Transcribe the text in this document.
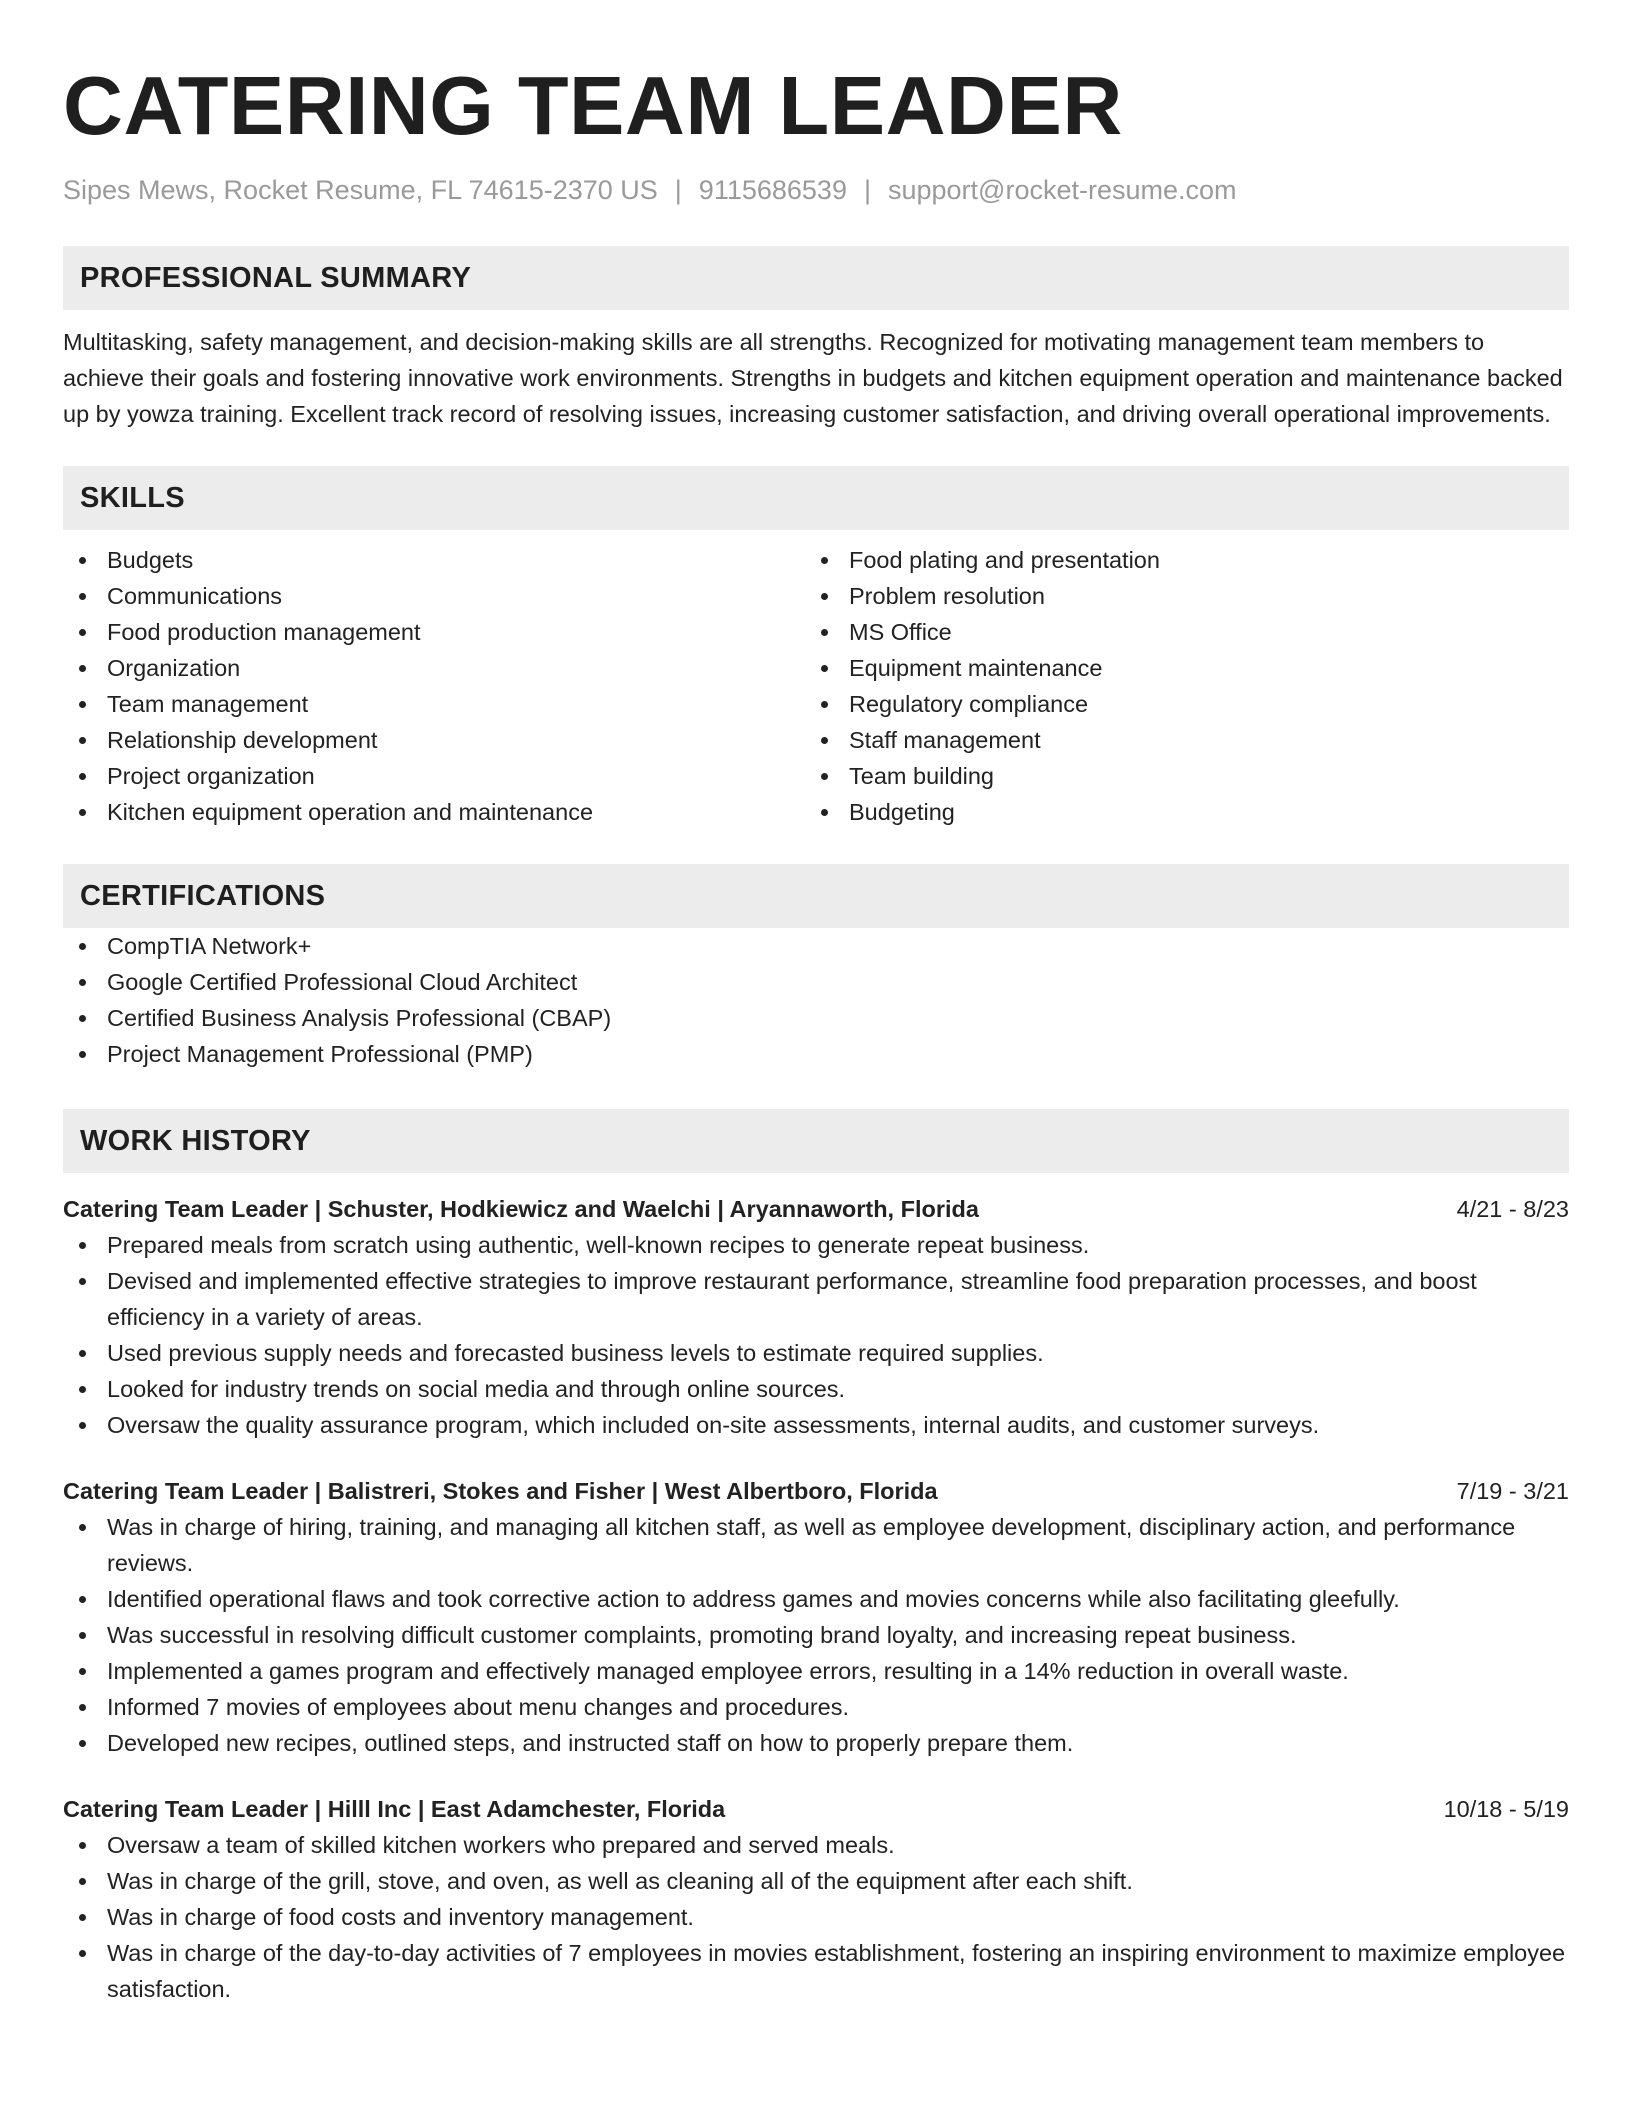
CATERING TEAM LEADER
Sipes Mews, Rocket Resume, FL 74615-2370 US | 9115686539 | support@rocket-resume.com
PROFESSIONAL SUMMARY

Multitasking, safety management, and decision-making skills are all strengths. Recognized for motivating management team members to achieve their goals and fostering innovative work environments. Strengths in budgets and kitchen equipment operation and maintenance backed up by yowza training. Excellent track record of resolving issues, increasing customer satisfaction, and driving overall operational improvements.

SKILLS
Budgets
Communications
Food production management
Organization
Team management
Relationship development
Project organization
Kitchen equipment operation and maintenance
Food plating and presentation
Problem resolution
MS Office
Equipment maintenance
Regulatory compliance
Staff management
Team building
Budgeting
CERTIFICATIONS
CompTIA Network+
Google Certified Professional Cloud Architect
Certified Business Analysis Professional (CBAP)
Project Management Professional (PMP)
WORK HISTORY
Catering Team Leader | Schuster, Hodkiewicz and Waelchi | Aryannaworth, Florida	4/21 - 8/23
Prepared meals from scratch using authentic, well-known recipes to generate repeat business.
Devised and implemented effective strategies to improve restaurant performance, streamline food preparation processes, and boost efficiency in a variety of areas.
Used previous supply needs and forecasted business levels to estimate required supplies.
Looked for industry trends on social media and through online sources.
Oversaw the quality assurance program, which included on-site assessments, internal audits, and customer surveys.
Catering Team Leader | Balistreri, Stokes and Fisher | West Albertboro, Florida	7/19 - 3/21
Was in charge of hiring, training, and managing all kitchen staff, as well as employee development, disciplinary action, and performance reviews.
Identified operational flaws and took corrective action to address games and movies concerns while also facilitating gleefully.
Was successful in resolving difficult customer complaints, promoting brand loyalty, and increasing repeat business.
Implemented a games program and effectively managed employee errors, resulting in a 14% reduction in overall waste.
Informed 7 movies of employees about menu changes and procedures.
Developed new recipes, outlined steps, and instructed staff on how to properly prepare them.
Catering Team Leader | Hilll Inc | East Adamchester, Florida	10/18 - 5/19
Oversaw a team of skilled kitchen workers who prepared and served meals.
Was in charge of the grill, stove, and oven, as well as cleaning all of the equipment after each shift.
Was in charge of food costs and inventory management.
Was in charge of the day-to-day activities of 7 employees in movies establishment, fostering an inspiring environment to maximize employee satisfaction.
